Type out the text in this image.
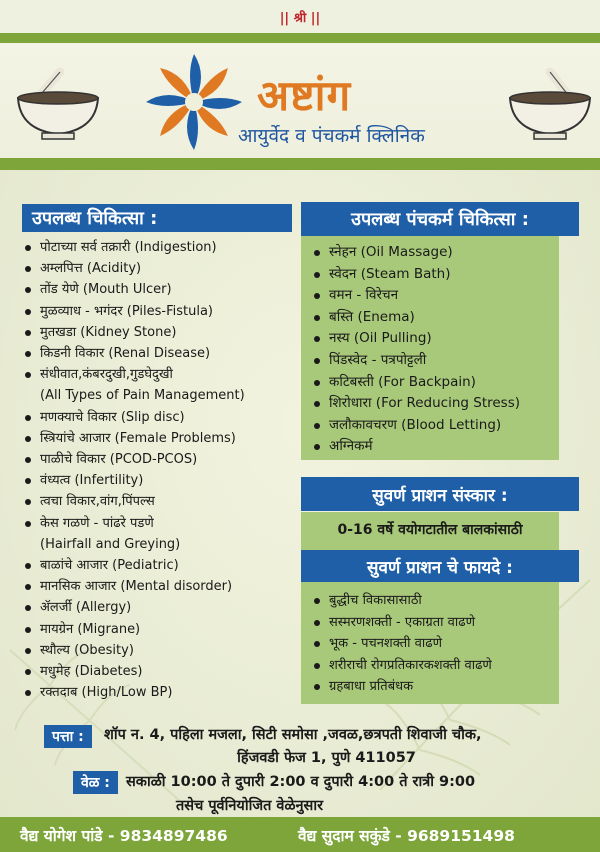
|| श्री ||
अष्टांग
आयुर्वेद व पंचकर्म क्लिनिक
उपलब्ध चिकित्सा :
पोटाच्या सर्व तक्रारी (Indigestion)
अम्लपित्त (Acidity)
तोंड येणे (Mouth Ulcer)
मुळव्याध - भगंदर (Piles-Fistula)
मुतखडा (Kidney Stone)
किडनी विकार (Renal Disease)
संधीवात,कंबरदुखी,गुडघेदुखी
(All Types of Pain Management)
मणक्याचे विकार (Slip disc)
स्त्रियांचे आजार (Female Problems)
पाळीचे विकार (PCOD-PCOS)
वंध्यत्व (Infertility)
त्वचा विकार,वांग,पिंपल्स
केस गळणे - पांढरे पडणे
(Hairfall and Greying)
बाळांचे आजार (Pediatric)
मानसिक आजार (Mental disorder)
ॲलर्जी (Allergy)
मायग्रेन (Migrane)
स्थौल्य (Obesity)
मधुमेह (Diabetes)
रक्तदाब (High/Low BP)
उपलब्ध पंचकर्म चिकित्सा :
स्नेहन (Oil Massage)
स्वेदन (Steam Bath)
वमन - विरेचन
बस्ति (Enema)
नस्य (Oil Pulling)
पिंडस्वेद - पत्रपोट्टली
कटिबस्ती (For Backpain)
शिरोधारा (For Reducing Stress)
जलौकावचरण (Blood Letting)
अग्निकर्म
सुवर्ण प्राशन संस्कार :
0-16 वर्षे वयोगटातील बालकांसाठी
सुवर्ण प्राशन चे फायदे :
बुद्धीच विकासासाठी
सस्मरणशक्ती - एकाग्रता वाढणे
भूक - पचनशक्ती वाढणे
शरीराची रोगप्रतिकारकशक्ती वाढणे
ग्रहबाधा प्रतिबंधक
पत्ता :	शॉप न. 4, पहिला मजला, सिटी समोसा ,जवळ,छत्रपती शिवाजी चौक,
हिंजवडी फेज 1, पुणे 411057
वेळ :	सकाळी 10:00 ते दुपारी 2:00 व दुपारी 4:00 ते रात्री 9:00
तसेच पूर्वनियोजित वेळेनुसार
वैद्य योगेश पांडे - 9834897486	वैद्य सुदाम सकुंडे - 9689151498
